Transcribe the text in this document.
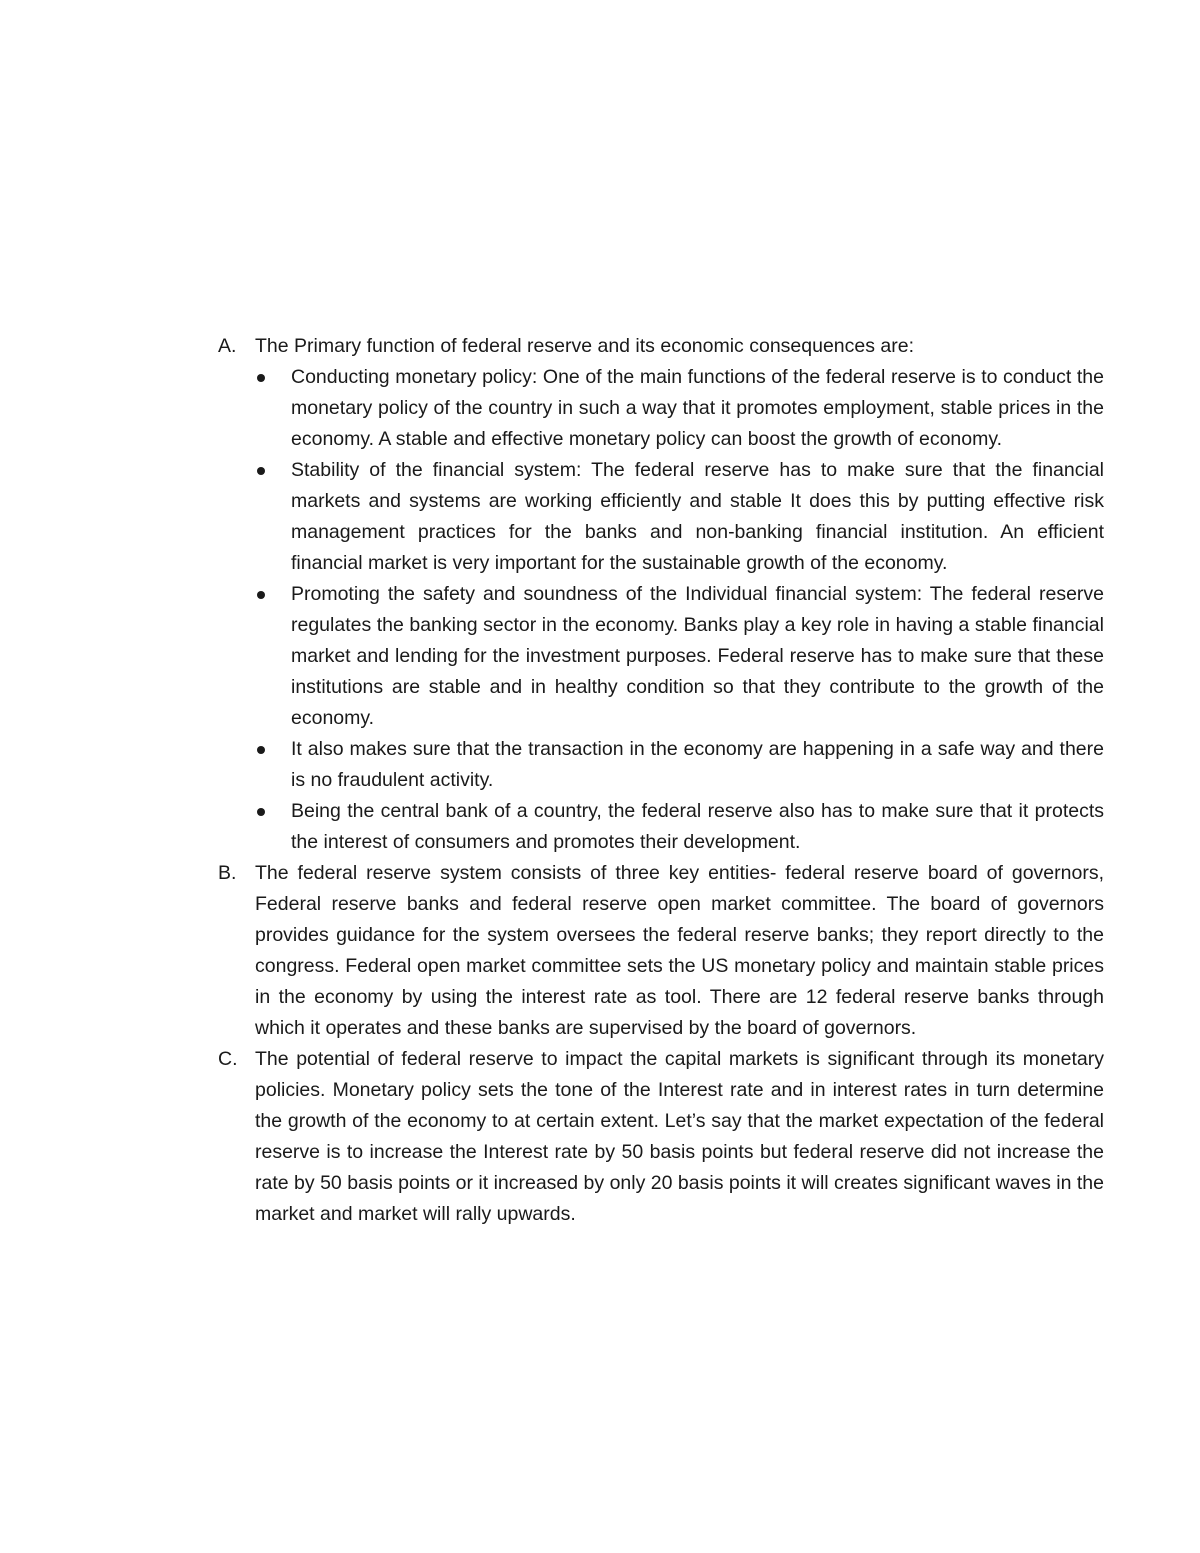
A. The Primary function of federal reserve and its economic consequences are:

Conducting monetary policy: One of the main functions of the federal reserve is to conduct the monetary policy of the country in such a way that it promotes employment, stable prices in the economy. A stable and effective monetary policy can boost the growth of economy.

Stability of the financial system: The federal reserve has to make sure that the financial markets and systems are working efficiently and stable It does this by putting effective risk management practices for the banks and non-banking financial institution. An efficient financial market is very important for the sustainable growth of the economy.

Promoting the safety and soundness of the Individual financial system: The federal reserve regulates the banking sector in the economy. Banks play a key role in having a stable financial market and lending for the investment purposes. Federal reserve has to make sure that these institutions are stable and in healthy condition so that they contribute to the growth of the economy.

It also makes sure that the transaction in the economy are happening in a safe way and there is no fraudulent activity.

Being the central bank of a country, the federal reserve also has to make sure that it protects the interest of consumers and promotes their development.

B. The federal reserve system consists of three key entities- federal reserve board of governors, Federal reserve banks and federal reserve open market committee. The board of governors provides guidance for the system oversees the federal reserve banks; they report directly to the congress. Federal open market committee sets the US monetary policy and maintain stable prices in the economy by using the interest rate as tool. There are 12 federal reserve banks through which it operates and these banks are supervised by the board of governors.

C. The potential of federal reserve to impact the capital markets is significant through its monetary policies. Monetary policy sets the tone of the Interest rate and in interest rates in turn determine the growth of the economy to at certain extent. Let’s say that the market expectation of the federal reserve is to increase the Interest rate by 50 basis points but federal reserve did not increase the rate by 50 basis points or it increased by only 20 basis points it will creates significant waves in the market and market will rally upwards.
